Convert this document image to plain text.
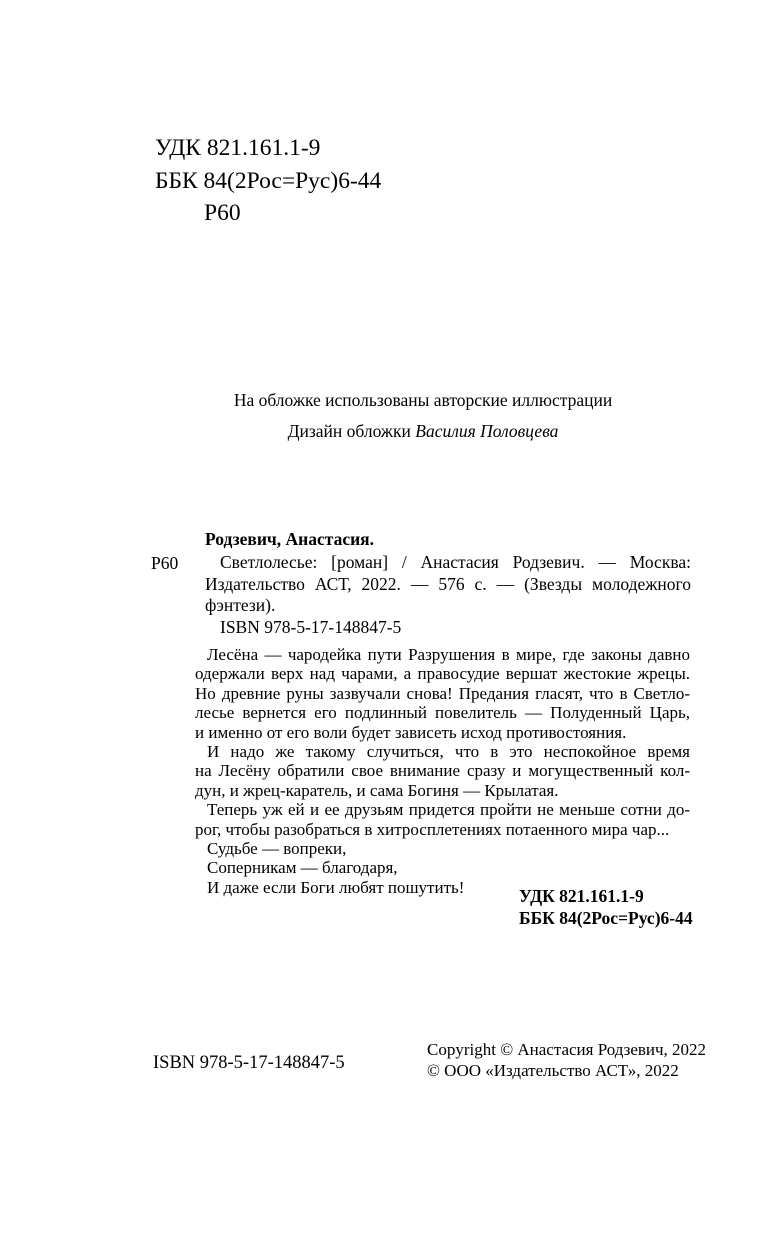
УДК 821.161.1-9
ББК 84(2Рос=Рус)6-44
Р60
На обложке использованы авторские иллюстрации
Дизайн обложки Василия Половцева
Родзевич, Анастасия.
Р60	Светлолесье: [роман] / Анастасия Родзевич. — Москва:
Издательство АСТ, 2022. — 576 с. — (Звезды молодежного
фэнтези).
ISBN 978-5-17-148847-5
Лесёна — чародейка пути Разрушения в мире, где законы давно
одержали верх над чарами, а правосудие вершат жестокие жрецы.
Но древние руны зазвучали снова! Предания гласят, что в Светло-
лесье вернется его подлинный повелитель — Полуденный Царь,
и именно от его воли будет зависеть исход противостояния.
И надо же такому случиться, что в это неспокойное время
на Лесёну обратили свое внимание сразу и могущественный кол-
дун, и жрец-каратель, и сама Богиня — Крылатая.
Теперь уж ей и ее друзьям придется пройти не меньше сотни до-
рог, чтобы разобраться в хитросплетениях потаенного мира чар...
Судьбе — вопреки,
Соперникам — благодаря,
И даже если Боги любят пошутить!	УДК 821.161.1-9
ББК 84(2Рос=Рус)6-44
ISBN 978-5-17-148847-5
Copyright © Анастасия Родзевич, 2022
© ООО «Издательство АСТ», 2022
